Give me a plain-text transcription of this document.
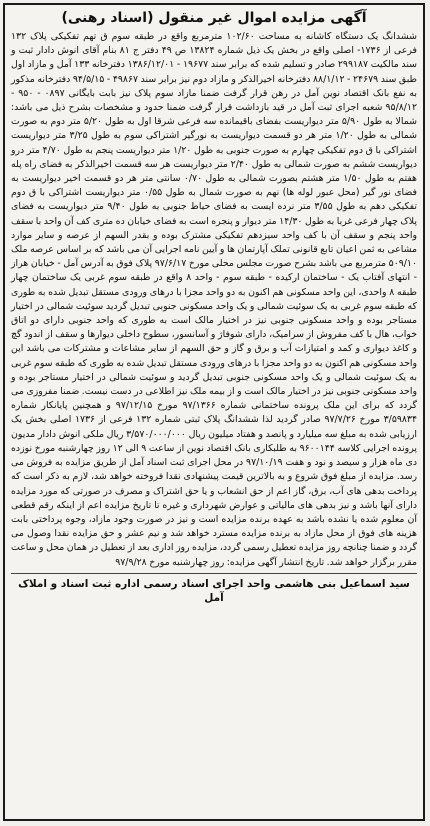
آگهی مزایده اموال غیر منقول (اسناد رهنی)

ششدانگ یک دستگاه کاشانه به مساحت ۱۰۲/۶۰ مترمربع واقع در طبقه سوم ق تهم تفکیکی پلاک ۱۳۲ فرعی از ۱۷۳۶- اصلی واقع در بخش یک ذیل شماره ۱۳۸۲۴ ص ۴۹ دفتر ج ۸۱ بنام آقای انوش دادار ثبت و سند مالکیت ۲۹۹۱۸۷ صادر و تسلیم شده که برابر سند ۱۹۶۷۷ - ۱۳۸۶/۱۲/۰۱ دفترخانه ۱۳۳ آمل و مازاد اول طبق سند ۲۴۶۷۹ - ۸۸/۱/۱۲ دفترخانه اخیرالذکر و مازاد دوم نیز برابر سند ۴۹۸۶۷ - ۹۴/۵/۱۵ دفترخانه مذکور به نفع بانک اقتصاد نوین آمل در رهن قرار گرفت ضمنا مازاد سوم پلاک نیز بابت بایگانی ۰۸۹۷ - ۹۵۰ - ۹۵/۸/۱۲ شعبه اجرای ثبت آمل در قید بازداشت قرار گرفت ضمنا حدود و مشخصات بشرح ذیل می باشد: شمالا به طول ۵/۹۰ متر دیواریست بفضای باقیمانده سه فرعی شرقا اول به طول ۵/۲۰ متر دوم به صورت شمالی به طول ۱/۲۰ متر هر دو قسمت دیواریست به نورگیر اشتراکی سوم به طول ۳/۲۵ متر دیواریست اشتراکی با ق دوم تفکیکی چهارم به صورت جنوبی به طول ۱/۲۰ متر دیواریست پنجم به طول ۴/۷۰ متر درو دیواریست ششم به صورت شمالی به طول ۲/۴۰ متر دیواریست هر سه قسمت اخیرالذکر به فضای راه پله هفتم به طول ۱/۵۰ متر هشتم بصورت شمالی به طول ۰/۷۰ سانتی متر هر دو قسمت اخیر دیواریست به فضای نور گیر (محل عبور لوله ها) نهم به صورت شمال به طول ۰/۵۵ متر دیواریست اشتراکی با ق دوم تفکیکی دهم به طول ۳/۵۵ متر نرده ایست به فضای حیاط جنوبی به طول ۹/۴۰ متر دیواریست به فضای پلاک چهار فرعی غربا به طول ۱۴/۳۰ متر دیوار و پنجره است به فضای خیابان ده متری کف آن واحد با سقف واحد پنجم و سقف آن با کف واحد سیزدهم تفکیکی مشترک بوده و بقدر السهم از عرصه و سایر موارد مشاعی به ثمن اعیان تابع قانونی تملک آپارتمان ها و آیین نامه اجرایی آن می باشد که بر اساس عرصه ملک ۵۰۹/۱۰ مترمربع می باشد بشرح صورت مجلس محلی مورخ ۹۷/۶/۱۷ پلاک فوق به آدرس آمل - خیابان هراز - انتهای آفتاب یک - ساختمان ارکیده - طبقه سوم - واحد ۸ واقع در طبقه سوم غربی یک ساختمان چهار طبقه ۸ واحدی، این واحد مسکونی هم اکنون به دو واحد مجزا با درهای ورودی مستقل تبدیل شده به طوری که طبقه سوم غربی به یک سوئیت شمالی و یک واحد مسکونی جنوبی تبدیل گردید سوئیت شمالی در اختیار مستاجر بوده و واحد مسکونی جنوبی نیز در اختیار مالک است به طوری که واحد جنوبی دارای دو اتاق خواب، هال با کف مفروش از سرامیک، دارای شوفاژ و آسانسور، سطوح داخلی دیوارها و سقف از اندود گچ و کاغذ دیواری و کمد و امتیازات آب و برق و گاز و حق السهم از سایر مشاعات و مشترکات می باشد این واحد مسکونی هم اکنون به دو واحد مجزا با درهای ورودی مستقل تبدیل شده به طوری که طبقه سوم غربی به یک سوئیت شمالی و یک واحد مسکونی جنوبی تبدیل گردید و سوئیت شمالی در اختیار مستاجر بوده و واحد مسکونی جنوبی نیز در اختیار مالک است و از بیمه ملک نیز اطلاعی در دست نیست. ضمنا مفروزی می گردد که برای این ملک پرونده ساختمانی شماره ۹۷/۱۳۶۶ مورخ ۹۷/۱۲/۱۵ و همچنین پایانکار شماره ۳/۵۹۸۳۴ مورخ ۹۷/۷/۲۶ صادر گردید لذا ششدانگ پلاک ثبتی شماره ۱۳۲ فرعی از ۱۷۳۶ اصلی بخش یک ارزیابی شده به مبلغ سه میلیارد و پانصد و هفتاد میلیون ریال ۳/۵۷۰/۰۰۰/۰۰۰ ریال ملکی انوش دادار مدیون پرونده اجرایی کلاسه ۹۶۰۰۱۴۴ به طلبکاری بانک اقتصاد نوین از ساعت ۹ الی ۱۲ روز چهارشنبه مورخ نوزده دی ماه هزار و سیصد و نود و هفت ۹۷/۱۰/۱۹ در محل اجرای ثبت اسناد آمل از طریق مزایده به فروش می رسد. مزایده از مبلغ فوق شروع و به بالاترین قیمت پیشنهادی نقدا فروخته خواهد شد، لازم به ذکر است که پرداخت بدهی های آب، برق، گاز اعم از حق انشعاب و یا حق اشتراک و مصرف در صورتی که مورد مزایده دارای آنها باشد و نیز بدهی های مالیاتی و عوارض شهرداری و غیره تا تاریخ مزایده اعم از اینکه رقم قطعی آن معلوم شده یا نشده باشد به عهده برنده مزایده است و نیز در صورت وجود مازاد، وجوه پرداختی بابت هزینه های فوق از محل مازاد به برنده مزایده مسترد خواهد شد و نیم عشر و حق مزایده نقدا وصول می گردد و ضمنا چنانچه روز مزایده تعطیل رسمی گردد، مزایده روز اداری بعد از تعطیل در همان محل و ساعت مقرر برگزار خواهد شد. تاریخ انتشار آگهی مزایده: روز چهارشنبه مورخ ۹۷/۹/۲۸

سید اسماعیل بنی هاشمی واحد اجرای اسناد رسمی اداره ثبت اسناد و املاک آمل
